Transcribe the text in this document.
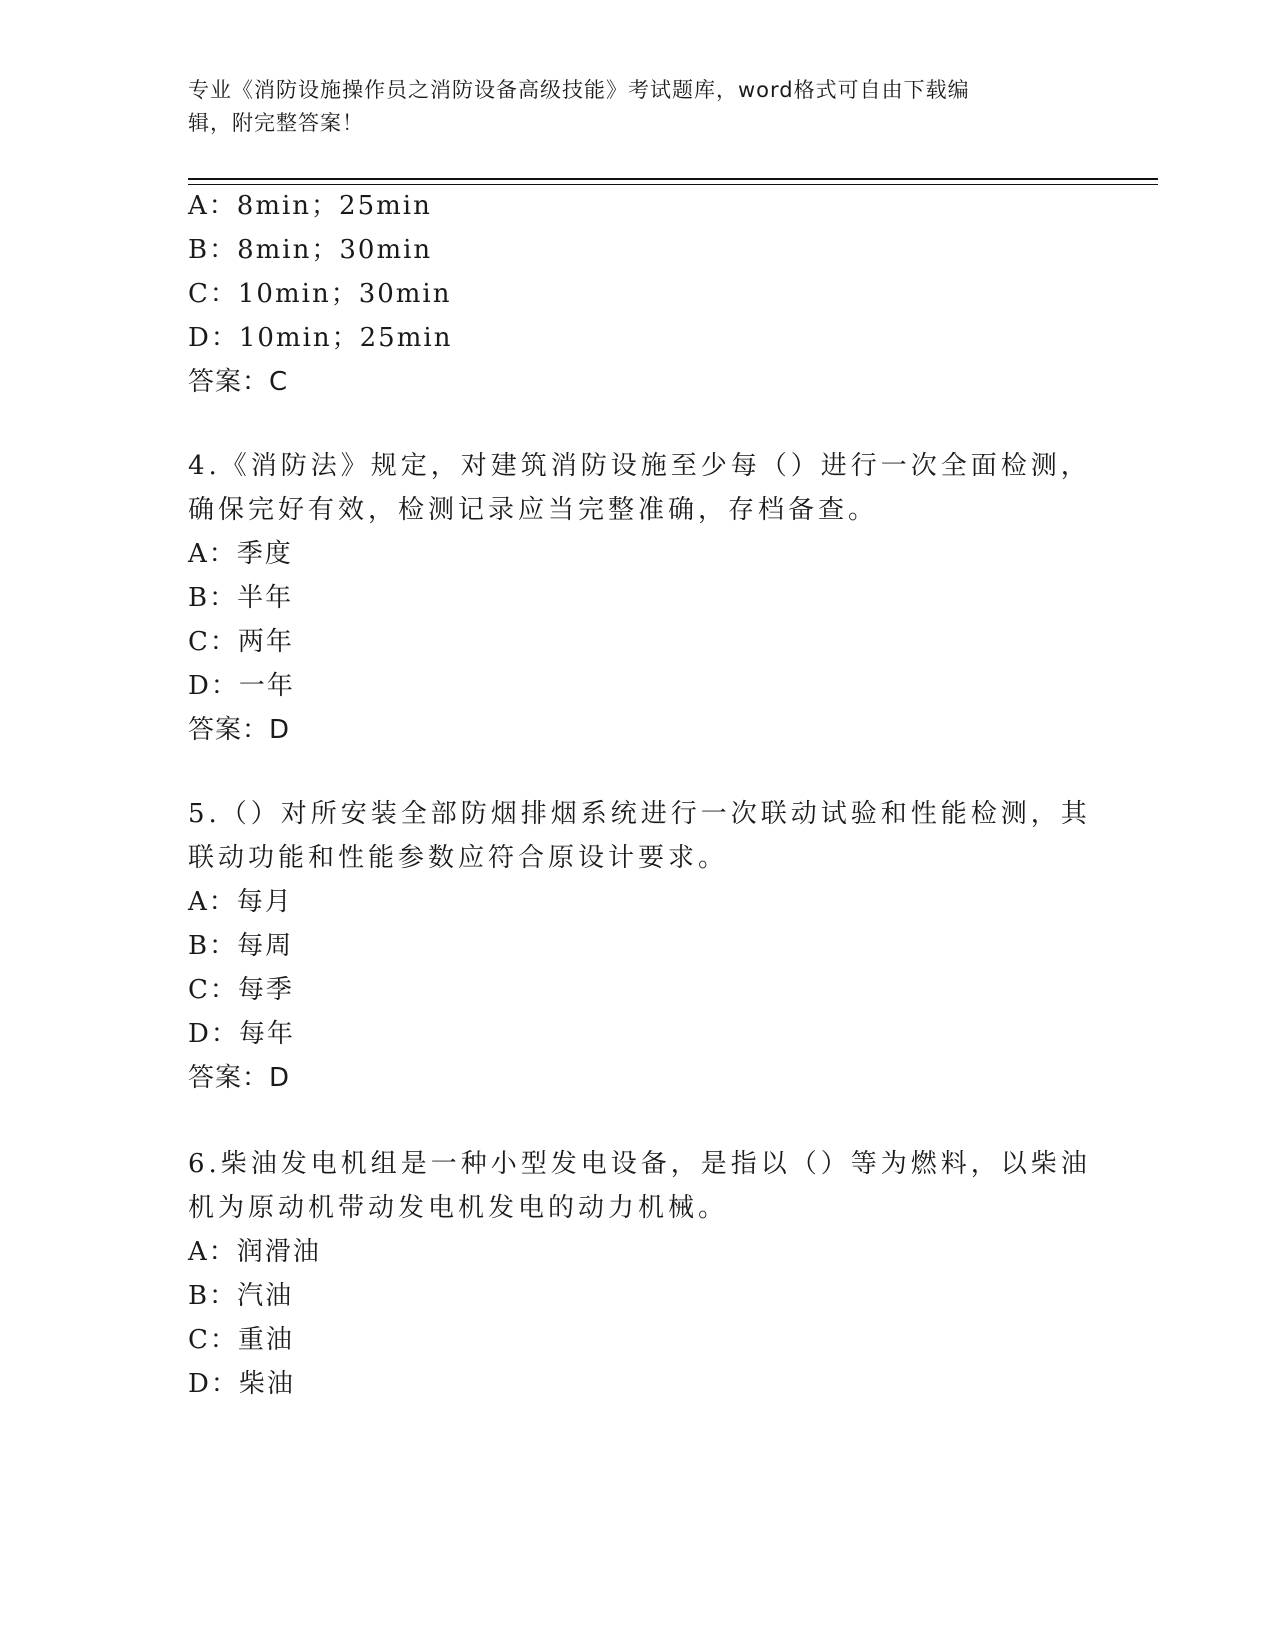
专业《消防设施操作员之消防设备高级技能》考试题库，word格式可自由下载编
辑，附完整答案！
A：8min；25min
B：8min；30min
C：10min；30min
D：10min；25min
答案：C
4.《消防法》规定，对建筑消防设施至少每（）进行一次全面检测，
确保完好有效，检测记录应当完整准确，存档备查。
A：季度
B：半年
C：两年
D：一年
答案：D
5.（）对所安装全部防烟排烟系统进行一次联动试验和性能检测，其
联动功能和性能参数应符合原设计要求。
A：每月
B：每周
C：每季
D：每年
答案：D
6.柴油发电机组是一种小型发电设备，是指以（）等为燃料，以柴油
机为原动机带动发电机发电的动力机械。
A：润滑油
B：汽油
C：重油
D：柴油
